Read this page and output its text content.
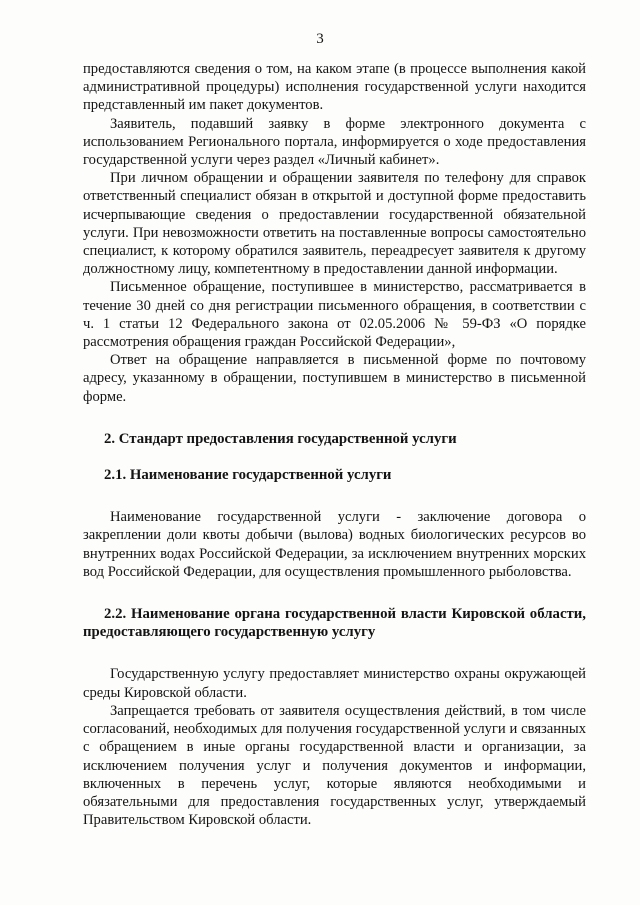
3

предоставляются сведения о том, на каком этапе (в процессе выполнения какой административной процедуры) исполнения государственной услуги находится представленный им пакет документов.

Заявитель, подавший заявку в форме электронного документа с использованием Регионального портала, информируется о ходе предоставления государственной услуги через раздел «Личный кабинет».

При личном обращении и обращении заявителя по телефону для справок ответственный специалист обязан в открытой и доступной форме предоставить исчерпывающие сведения о предоставлении государственной обязательной услуги. При невозможности ответить на поставленные вопросы самостоятельно специалист, к которому обратился заявитель, переадресует заявителя к другому должностному лицу, компетентному в предоставлении данной информации.

Письменное обращение, поступившее в министерство, рассматривается в течение 30 дней со дня регистрации письменного обращения, в соответствии с ч. 1 статьи 12 Федерального закона от 02.05.2006 № 59-ФЗ «О порядке рассмотрения обращения граждан Российской Федерации»,

Ответ на обращение направляется в письменной форме по почтовому адресу, указанному в обращении, поступившем в министерство в письменной форме.

2. Стандарт предоставления государственной услуги
2.1. Наименование государственной услуги

Наименование государственной услуги - заключение договора о закреплении доли квоты добычи (вылова) водных биологических ресурсов во внутренних водах Российской Федерации, за исключением внутренних морских вод Российской Федерации, для осуществления промышленного рыболовства.

2.2. Наименование органа государственной власти Кировской области, предоставляющего государственную услугу

Государственную услугу предоставляет министерство охраны окружающей среды Кировской области.

Запрещается требовать от заявителя осуществления действий, в том числе согласований, необходимых для получения государственной услуги и связанных с обращением в иные органы государственной власти и организации, за исключением получения услуг и получения документов и информации, включенных в перечень услуг, которые являются необходимыми и обязательными для предоставления государственных услуг, утверждаемый Правительством Кировской области.
